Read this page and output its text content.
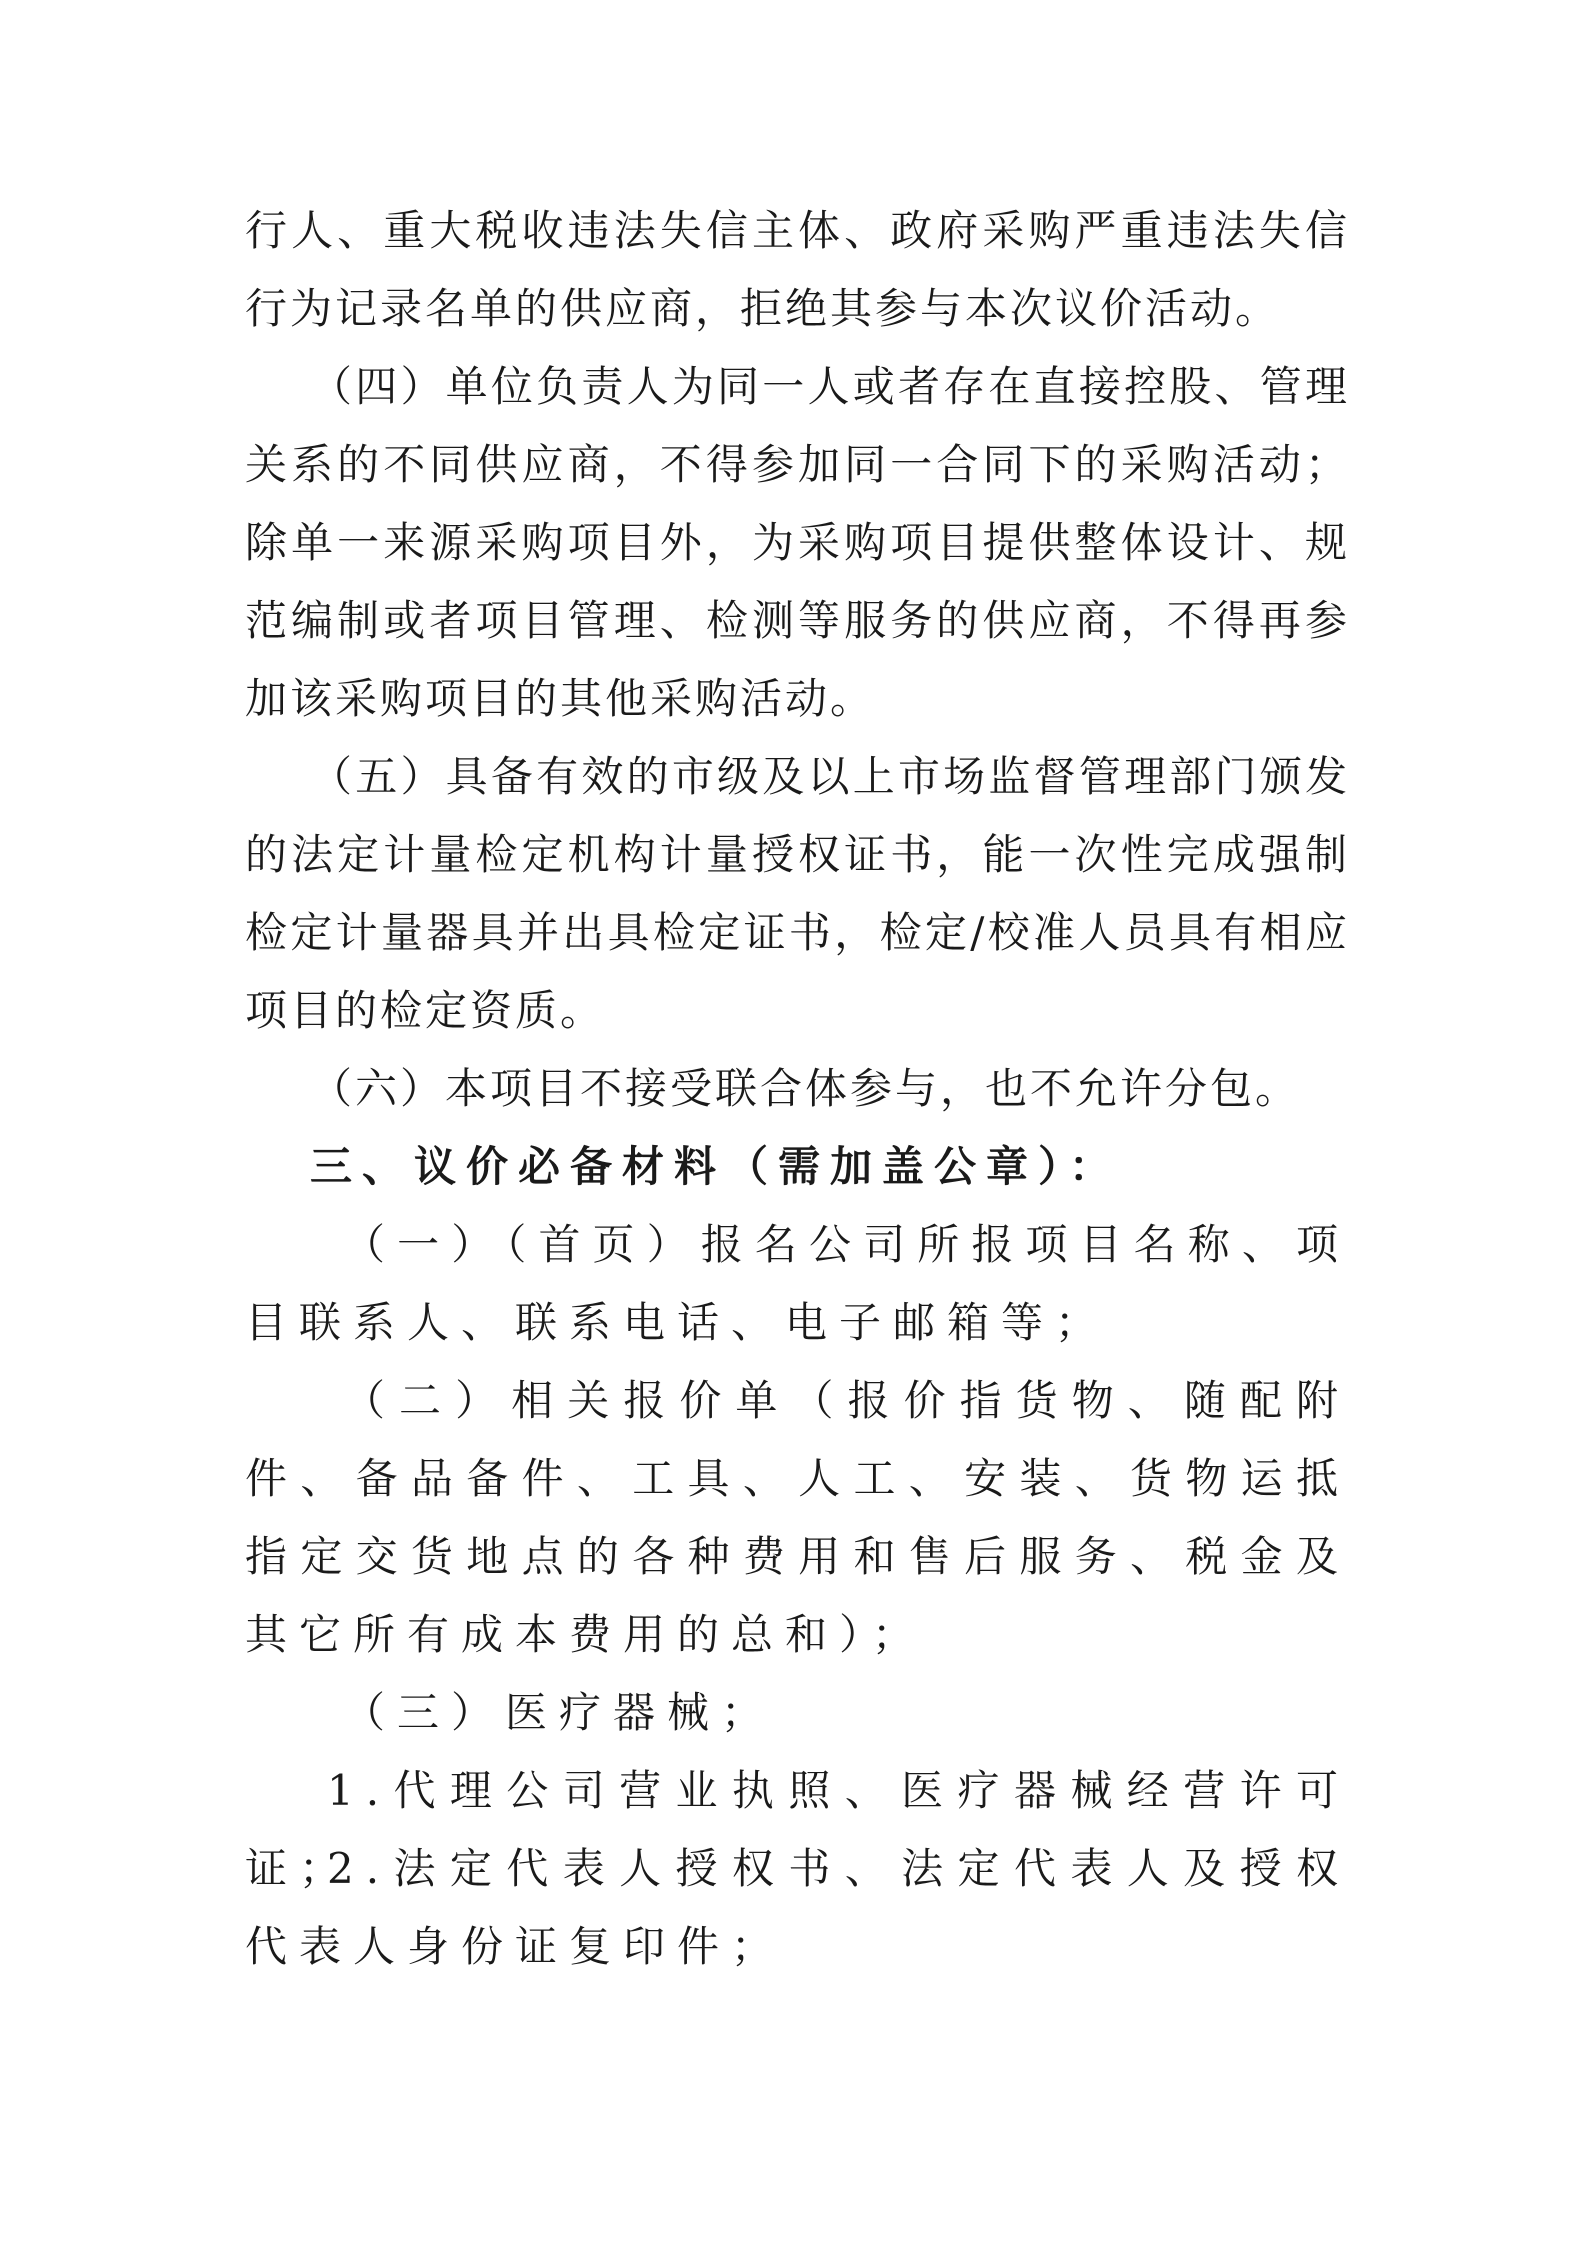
行人、重大税收违法失信主体、政府采购严重违法失信行为记录名单的供应商，拒绝其参与本次议价活动。

（四）单位负责人为同一人或者存在直接控股、管理关系的不同供应商，不得参加同一合同下的采购活动；除单一来源采购项目外，为采购项目提供整体设计、规范编制或者项目管理、检测等服务的供应商，不得再参加该采购项目的其他采购活动。

（五）具备有效的市级及以上市场监督管理部门颁发的法定计量检定机构计量授权证书，能一次性完成强制检定计量器具并出具检定证书，检定/校准人员具有相应项目的检定资质。

（六）本项目不接受联合体参与，也不允许分包。

三、议价必备材料（需加盖公章）：

（一）（首页）报名公司所报项目名称、项目联系人、联系电话、电子邮箱等；

（二）相关报价单（报价指货物、随配附件、备品备件、工具、人工、安装、货物运抵指定交货地点的各种费用和售后服务、税金及其它所有成本费用的总和）；

（三）医疗器械；

1.代理公司营业执照、医疗器械经营许可证；

2.法定代表人授权书、法定代表人及授权代表人身份证复印件；
